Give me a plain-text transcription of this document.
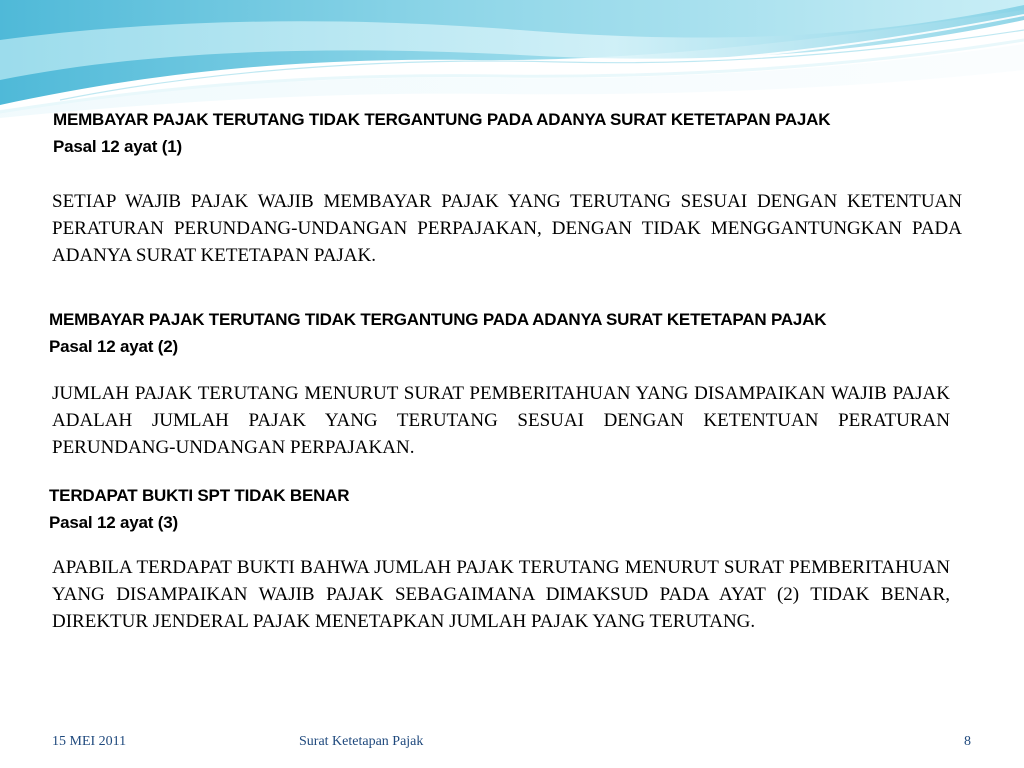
MEMBAYAR PAJAK TERUTANG TIDAK TERGANTUNG PADA ADANYA SURAT KETETAPAN PAJAK
Pasal 12 ayat (1)
SETIAP WAJIB PAJAK WAJIB MEMBAYAR PAJAK YANG TERUTANG SESUAI DENGAN KETENTUAN PERATURAN PERUNDANG-UNDANGAN PERPAJAKAN, DENGAN TIDAK MENGGANTUNGKAN PADA ADANYA SURAT KETETAPAN PAJAK.
MEMBAYAR PAJAK TERUTANG TIDAK TERGANTUNG PADA ADANYA SURAT KETETAPAN PAJAK
Pasal 12 ayat (2)
JUMLAH PAJAK TERUTANG MENURUT SURAT PEMBERITAHUAN YANG DISAMPAIKAN WAJIB PAJAK ADALAH JUMLAH PAJAK YANG TERUTANG SESUAI DENGAN KETENTUAN PERATURAN PERUNDANG-UNDANGAN PERPAJAKAN.
TERDAPAT BUKTI SPT TIDAK BENAR
Pasal 12 ayat (3)
APABILA TERDAPAT BUKTI BAHWA JUMLAH PAJAK TERUTANG MENURUT SURAT PEMBERITAHUAN YANG DISAMPAIKAN WAJIB PAJAK SEBAGAIMANA DIMAKSUD PADA AYAT (2) TIDAK BENAR, DIREKTUR JENDERAL PAJAK MENETAPKAN JUMLAH PAJAK YANG TERUTANG.
15 MEI 2011	Surat Ketetapan Pajak	8
